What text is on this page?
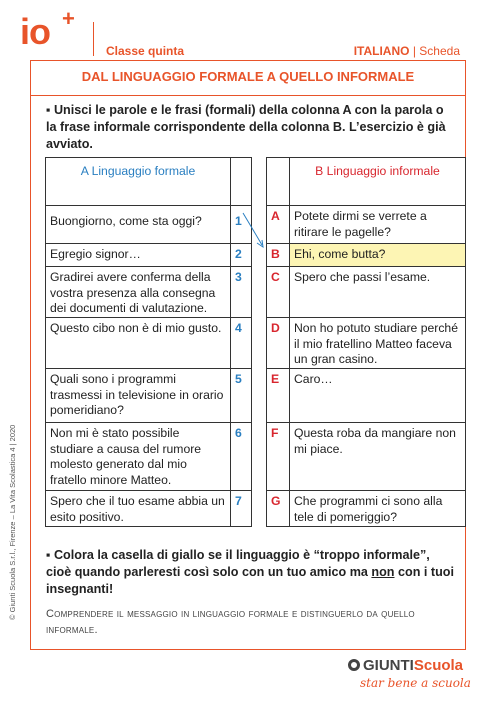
io +
Classe quinta	ITALIANO | Scheda
DAL LINGUAGGIO FORMALE A QUELLO INFORMALE
▪ Unisci le parole e le frasi (formali) della colonna A con la parola o la frase informale corrispondente della colonna B. L’esercizio è già avviato.
A Linguaggio formale	
Buongiorno, come sta oggi?	1
Egregio signor…	2
Gradirei avere conferma della vostra presenza alla consegna dei documenti di valutazione.	3
Questo cibo non è di mio gusto.	4
Quali sono i programmi trasmessi in televisione in orario pomeridiano?	5
Non mi è stato possibile studiare a causa del rumore molesto generato dal mio fratello minore Matteo.	6
Spero che il tuo esame abbia un esito positivo.	7
	B Linguaggio informale
A	Potete dirmi se verrete a ritirare le pagelle?
B	Ehi, come butta?
C	Spero che passi l’esame.
D	Non ho potuto studiare perché il mio fratellino Matteo faceva un gran casino.
E	Caro…
F	Questa roba da mangiare non mi piace.
G	Che programmi ci sono alla tele di pomeriggio?
▪ Colora la casella di giallo se il linguaggio è “troppo informale”, cioè quando parleresti così solo con un tuo amico ma non con i tuoi insegnanti!
Comprendere il messaggio in linguaggio formale e distinguerlo da quello informale.
© Giunti Scuola S.r.l., Firenze – La Vita Scolastica 4 | 2020
GIUNTIScuola
star bene a scuola
